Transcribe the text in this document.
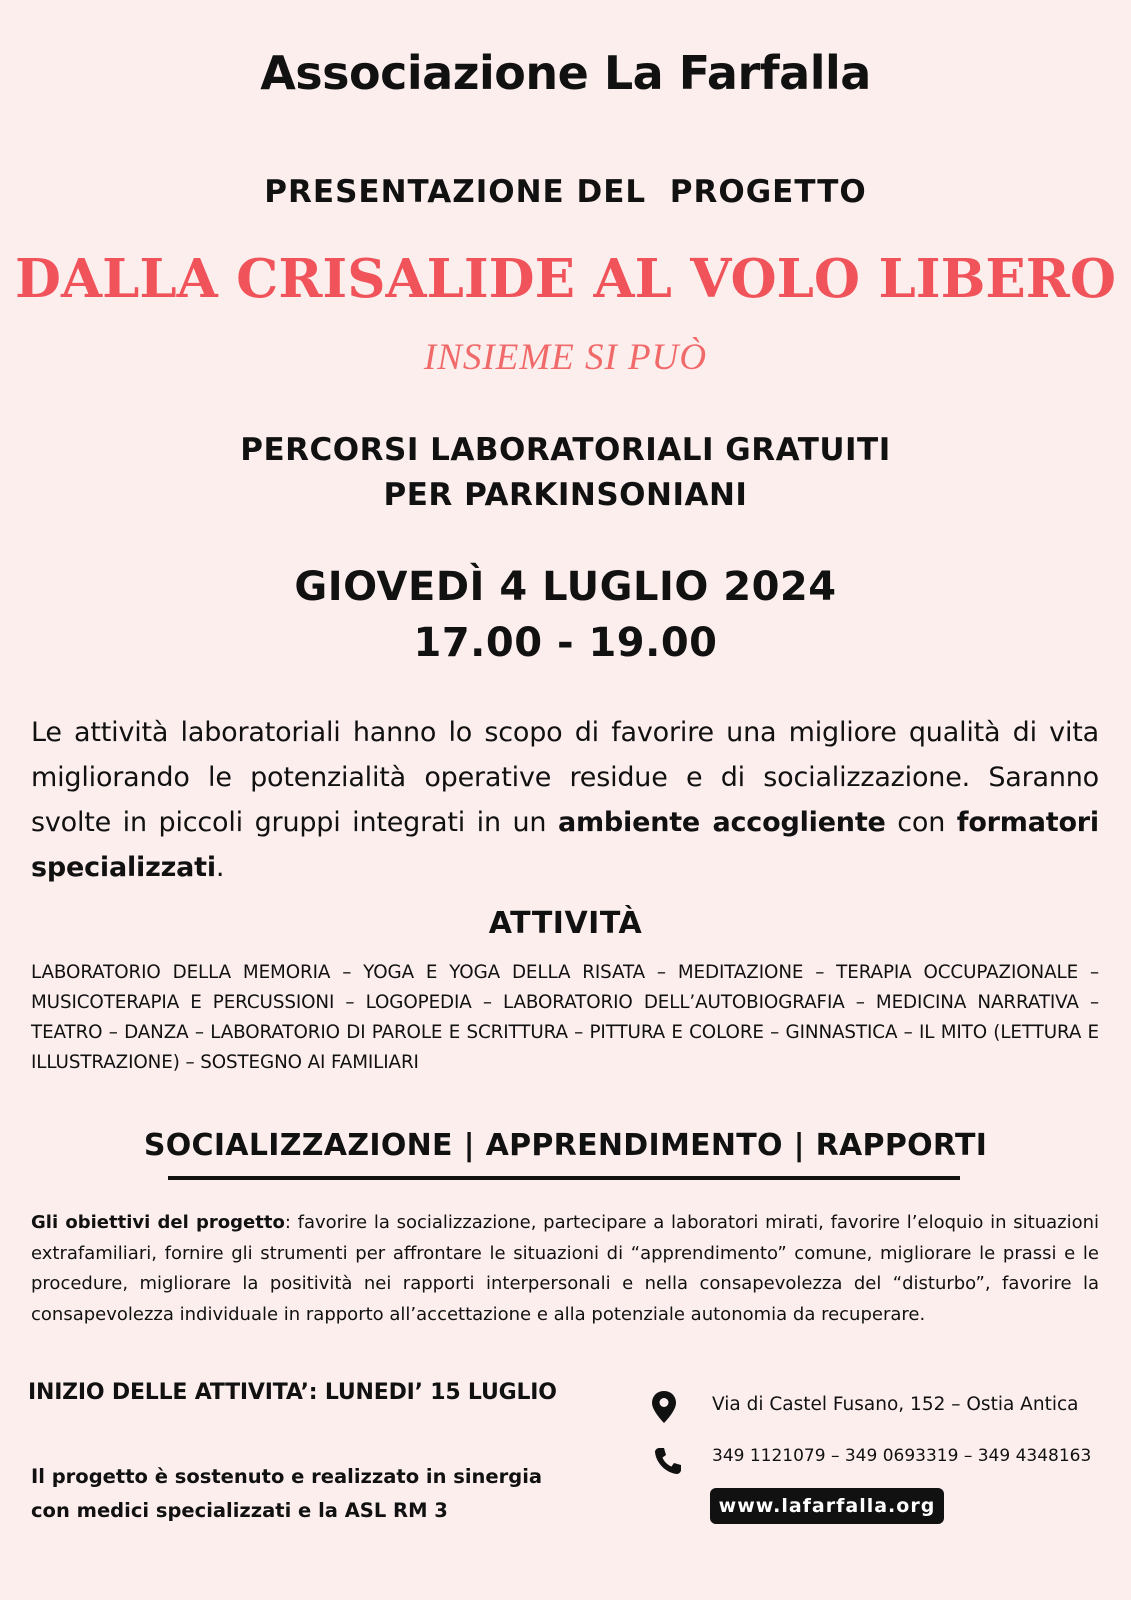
Associazione La Farfalla
PRESENTAZIONE DEL  PROGETTO
DALLA CRISALIDE AL VOLO LIBERO
INSIEME SI PUÒ
PERCORSI LABORATORIALI GRATUITI
PER PARKINSONIANI
GIOVEDÌ 4 LUGLIO 2024
17.00 - 19.00
Le attività laboratoriali hanno lo scopo di favorire una migliore qualità di vita migliorando le potenzialità operative residue e di socializzazione. Saranno svolte in piccoli gruppi integrati in un ambiente accogliente con formatori specializzati.
ATTIVITÀ
LABORATORIO DELLA MEMORIA – YOGA E YOGA DELLA RISATA – MEDITAZIONE – TERAPIA OCCUPAZIONALE – MUSICOTERAPIA E PERCUSSIONI – LOGOPEDIA – LABORATORIO DELL’AUTOBIOGRAFIA – MEDICINA NARRATIVA – TEATRO – DANZA – LABORATORIO DI PAROLE E SCRITTURA – PITTURA E COLORE – GINNASTICA – IL MITO (LETTURA E ILLUSTRAZIONE) – SOSTEGNO AI FAMILIARI
SOCIALIZZAZIONE | APPRENDIMENTO | RAPPORTI
Gli obiettivi del progetto: favorire la socializzazione, partecipare a laboratori mirati, favorire l’eloquio in situazioni extrafamiliari, fornire gli strumenti per affrontare le situazioni di “apprendimento” comune, migliorare le prassi e le procedure, migliorare la positività nei rapporti interpersonali e nella consapevolezza del “disturbo”, favorire la consapevolezza individuale in rapporto all’accettazione e alla potenziale autonomia da recuperare.
INIZIO DELLE ATTIVITA’: LUNEDI’ 15 LUGLIO
Il progetto è sostenuto e realizzato in sinergia
con medici specializzati e la ASL RM 3
Via di Castel Fusano, 152 – Ostia Antica
349 1121079 – 349 0693319 – 349 4348163
www.lafarfalla.org
